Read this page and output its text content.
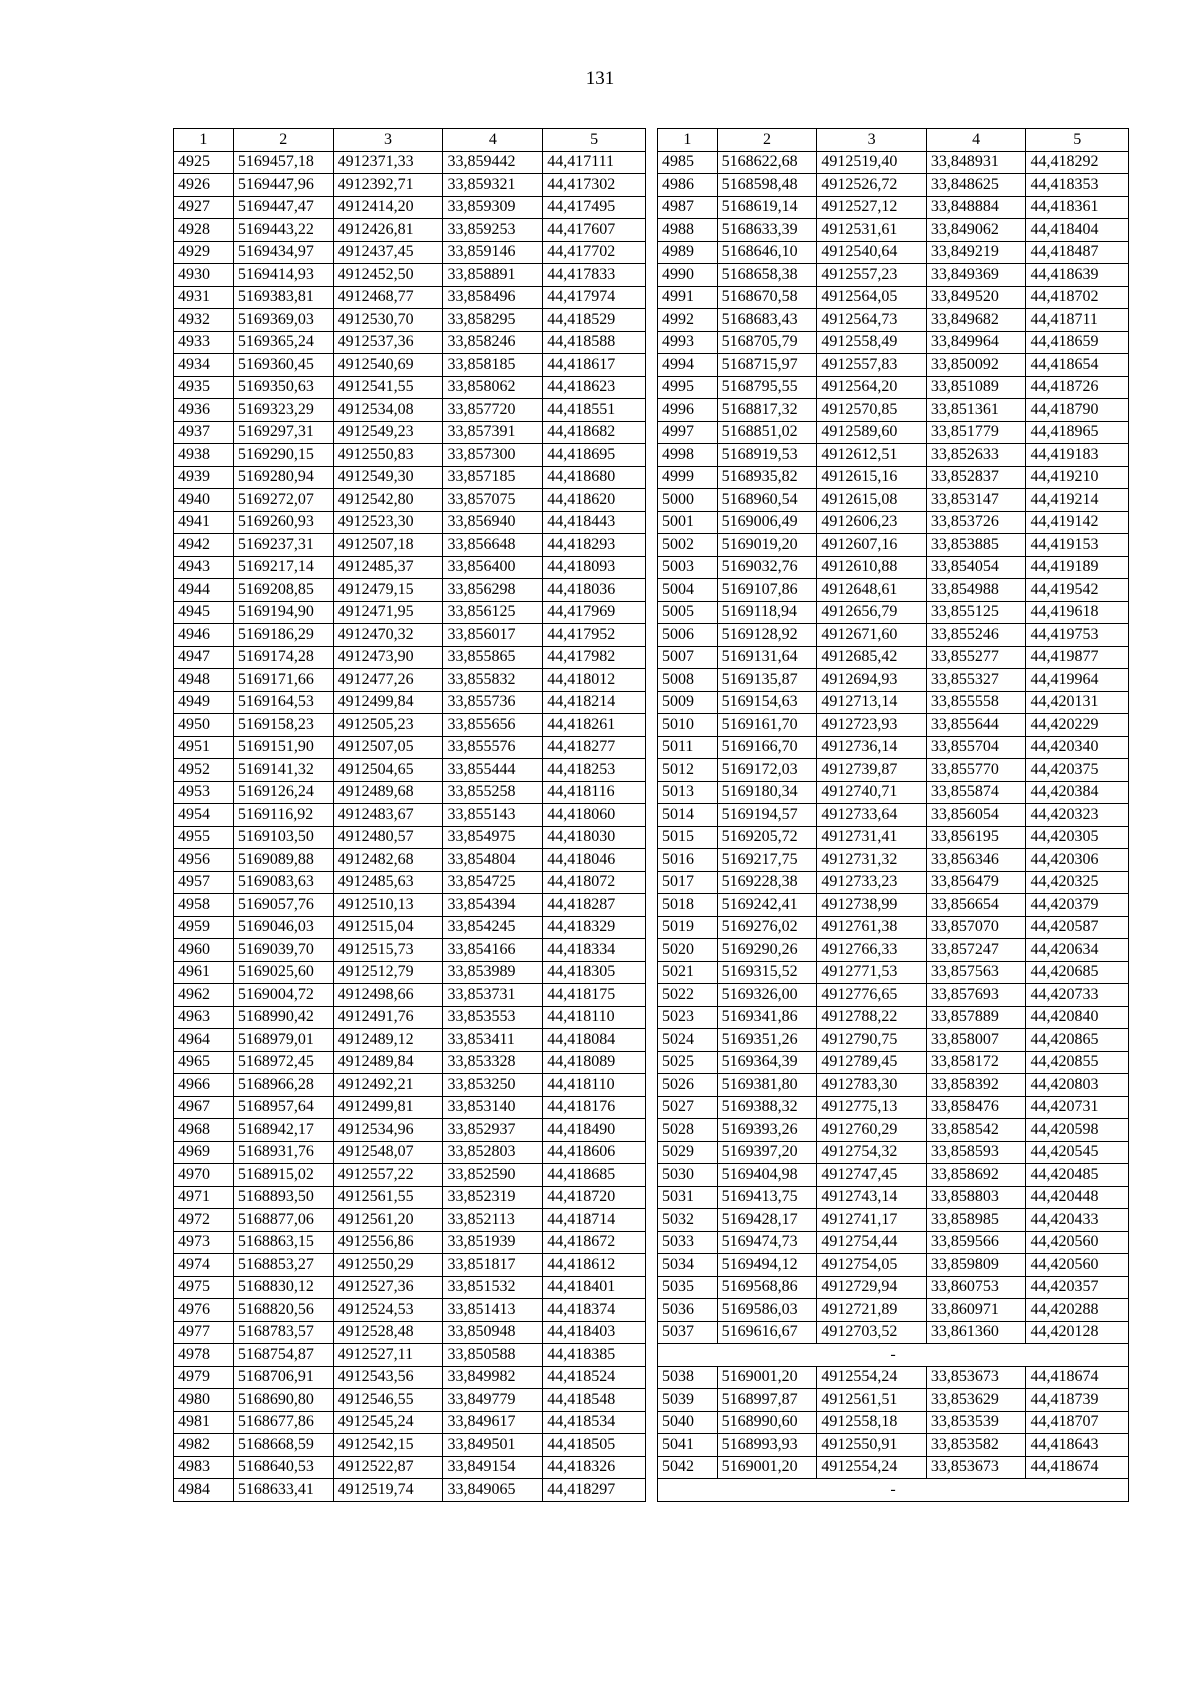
131
1	2	3	4	5
4925	5169457,18	4912371,33	33,859442	44,417111
4926	5169447,96	4912392,71	33,859321	44,417302
4927	5169447,47	4912414,20	33,859309	44,417495
4928	5169443,22	4912426,81	33,859253	44,417607
4929	5169434,97	4912437,45	33,859146	44,417702
4930	5169414,93	4912452,50	33,858891	44,417833
4931	5169383,81	4912468,77	33,858496	44,417974
4932	5169369,03	4912530,70	33,858295	44,418529
4933	5169365,24	4912537,36	33,858246	44,418588
4934	5169360,45	4912540,69	33,858185	44,418617
4935	5169350,63	4912541,55	33,858062	44,418623
4936	5169323,29	4912534,08	33,857720	44,418551
4937	5169297,31	4912549,23	33,857391	44,418682
4938	5169290,15	4912550,83	33,857300	44,418695
4939	5169280,94	4912549,30	33,857185	44,418680
4940	5169272,07	4912542,80	33,857075	44,418620
4941	5169260,93	4912523,30	33,856940	44,418443
4942	5169237,31	4912507,18	33,856648	44,418293
4943	5169217,14	4912485,37	33,856400	44,418093
4944	5169208,85	4912479,15	33,856298	44,418036
4945	5169194,90	4912471,95	33,856125	44,417969
4946	5169186,29	4912470,32	33,856017	44,417952
4947	5169174,28	4912473,90	33,855865	44,417982
4948	5169171,66	4912477,26	33,855832	44,418012
4949	5169164,53	4912499,84	33,855736	44,418214
4950	5169158,23	4912505,23	33,855656	44,418261
4951	5169151,90	4912507,05	33,855576	44,418277
4952	5169141,32	4912504,65	33,855444	44,418253
4953	5169126,24	4912489,68	33,855258	44,418116
4954	5169116,92	4912483,67	33,855143	44,418060
4955	5169103,50	4912480,57	33,854975	44,418030
4956	5169089,88	4912482,68	33,854804	44,418046
4957	5169083,63	4912485,63	33,854725	44,418072
4958	5169057,76	4912510,13	33,854394	44,418287
4959	5169046,03	4912515,04	33,854245	44,418329
4960	5169039,70	4912515,73	33,854166	44,418334
4961	5169025,60	4912512,79	33,853989	44,418305
4962	5169004,72	4912498,66	33,853731	44,418175
4963	5168990,42	4912491,76	33,853553	44,418110
4964	5168979,01	4912489,12	33,853411	44,418084
4965	5168972,45	4912489,84	33,853328	44,418089
4966	5168966,28	4912492,21	33,853250	44,418110
4967	5168957,64	4912499,81	33,853140	44,418176
4968	5168942,17	4912534,96	33,852937	44,418490
4969	5168931,76	4912548,07	33,852803	44,418606
4970	5168915,02	4912557,22	33,852590	44,418685
4971	5168893,50	4912561,55	33,852319	44,418720
4972	5168877,06	4912561,20	33,852113	44,418714
4973	5168863,15	4912556,86	33,851939	44,418672
4974	5168853,27	4912550,29	33,851817	44,418612
4975	5168830,12	4912527,36	33,851532	44,418401
4976	5168820,56	4912524,53	33,851413	44,418374
4977	5168783,57	4912528,48	33,850948	44,418403
4978	5168754,87	4912527,11	33,850588	44,418385
4979	5168706,91	4912543,56	33,849982	44,418524
4980	5168690,80	4912546,55	33,849779	44,418548
4981	5168677,86	4912545,24	33,849617	44,418534
4982	5168668,59	4912542,15	33,849501	44,418505
4983	5168640,53	4912522,87	33,849154	44,418326
4984	5168633,41	4912519,74	33,849065	44,418297
1	2	3	4	5
4985	5168622,68	4912519,40	33,848931	44,418292
4986	5168598,48	4912526,72	33,848625	44,418353
4987	5168619,14	4912527,12	33,848884	44,418361
4988	5168633,39	4912531,61	33,849062	44,418404
4989	5168646,10	4912540,64	33,849219	44,418487
4990	5168658,38	4912557,23	33,849369	44,418639
4991	5168670,58	4912564,05	33,849520	44,418702
4992	5168683,43	4912564,73	33,849682	44,418711
4993	5168705,79	4912558,49	33,849964	44,418659
4994	5168715,97	4912557,83	33,850092	44,418654
4995	5168795,55	4912564,20	33,851089	44,418726
4996	5168817,32	4912570,85	33,851361	44,418790
4997	5168851,02	4912589,60	33,851779	44,418965
4998	5168919,53	4912612,51	33,852633	44,419183
4999	5168935,82	4912615,16	33,852837	44,419210
5000	5168960,54	4912615,08	33,853147	44,419214
5001	5169006,49	4912606,23	33,853726	44,419142
5002	5169019,20	4912607,16	33,853885	44,419153
5003	5169032,76	4912610,88	33,854054	44,419189
5004	5169107,86	4912648,61	33,854988	44,419542
5005	5169118,94	4912656,79	33,855125	44,419618
5006	5169128,92	4912671,60	33,855246	44,419753
5007	5169131,64	4912685,42	33,855277	44,419877
5008	5169135,87	4912694,93	33,855327	44,419964
5009	5169154,63	4912713,14	33,855558	44,420131
5010	5169161,70	4912723,93	33,855644	44,420229
5011	5169166,70	4912736,14	33,855704	44,420340
5012	5169172,03	4912739,87	33,855770	44,420375
5013	5169180,34	4912740,71	33,855874	44,420384
5014	5169194,57	4912733,64	33,856054	44,420323
5015	5169205,72	4912731,41	33,856195	44,420305
5016	5169217,75	4912731,32	33,856346	44,420306
5017	5169228,38	4912733,23	33,856479	44,420325
5018	5169242,41	4912738,99	33,856654	44,420379
5019	5169276,02	4912761,38	33,857070	44,420587
5020	5169290,26	4912766,33	33,857247	44,420634
5021	5169315,52	4912771,53	33,857563	44,420685
5022	5169326,00	4912776,65	33,857693	44,420733
5023	5169341,86	4912788,22	33,857889	44,420840
5024	5169351,26	4912790,75	33,858007	44,420865
5025	5169364,39	4912789,45	33,858172	44,420855
5026	5169381,80	4912783,30	33,858392	44,420803
5027	5169388,32	4912775,13	33,858476	44,420731
5028	5169393,26	4912760,29	33,858542	44,420598
5029	5169397,20	4912754,32	33,858593	44,420545
5030	5169404,98	4912747,45	33,858692	44,420485
5031	5169413,75	4912743,14	33,858803	44,420448
5032	5169428,17	4912741,17	33,858985	44,420433
5033	5169474,73	4912754,44	33,859566	44,420560
5034	5169494,12	4912754,05	33,859809	44,420560
5035	5169568,86	4912729,94	33,860753	44,420357
5036	5169586,03	4912721,89	33,860971	44,420288
5037	5169616,67	4912703,52	33,861360	44,420128
-				
5038	5169001,20	4912554,24	33,853673	44,418674
5039	5168997,87	4912561,51	33,853629	44,418739
5040	5168990,60	4912558,18	33,853539	44,418707
5041	5168993,93	4912550,91	33,853582	44,418643
5042	5169001,20	4912554,24	33,853673	44,418674
-				
